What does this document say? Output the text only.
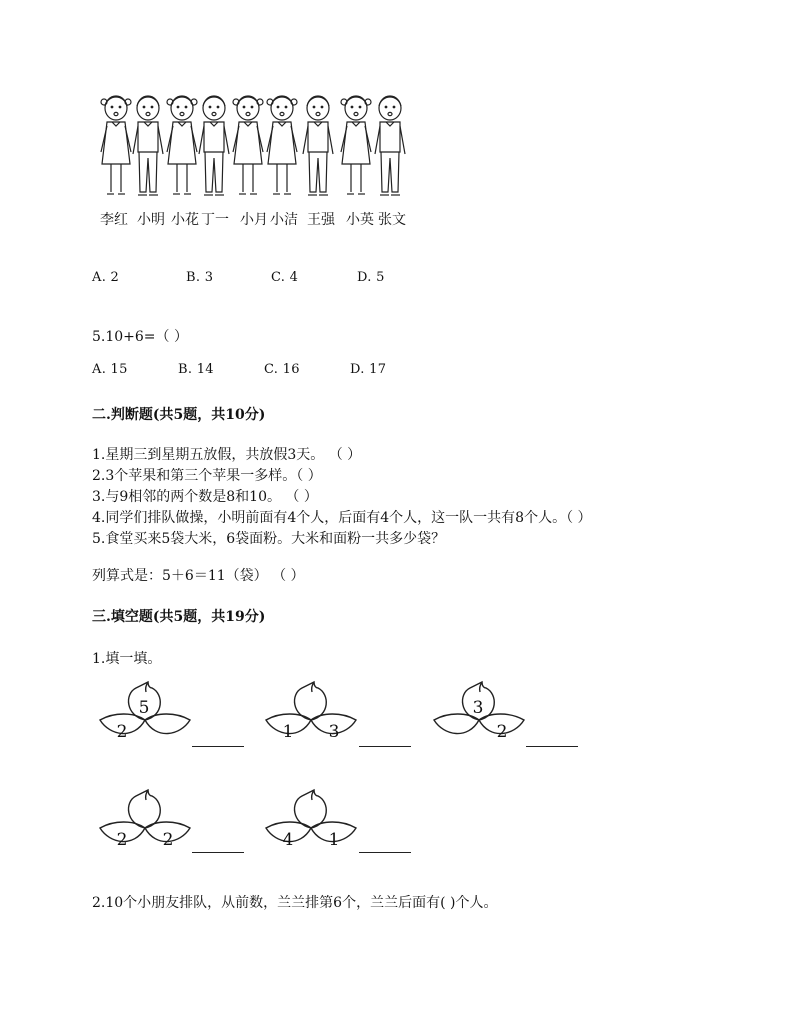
李红 小明 小花 丁一 小月 小洁 王强 小英 张文
A. 2	B. 3	C. 4	D. 5
5.10+6=（ ）
A. 15	B. 14	C. 16	D. 17
二.判断题(共5题，共10分)
1.星期三到星期五放假，共放假3天。 （ ）
2.3个苹果和第三个苹果一多样。（ ）
3.与9相邻的两个数是8和10。 （ ）
4.同学们排队做操，小明前面有4个人，后面有4个人，这一队一共有8个人。（ ）
5.食堂买来5袋大米，6袋面粉。大米和面粉一共多少袋？
列算式是：5＋6＝11（袋） （ ）
三.填空题(共5题，共19分)
1.填一填。
5
2	1 3
3
2
2 2	4 1
2.10个小朋友排队，从前数，兰兰排第6个，兰兰后面有( )个人。
